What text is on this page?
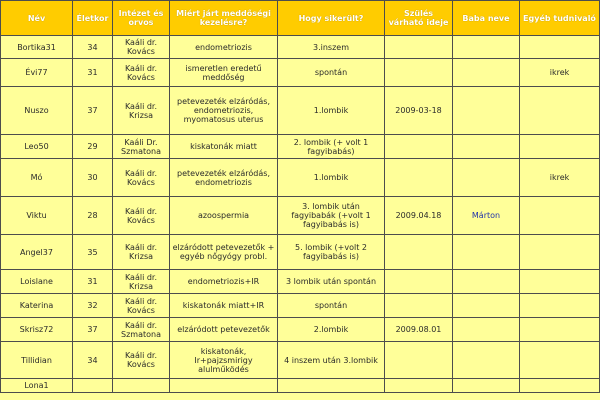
Név	Életkor	Intézet és orvos	Miért járt meddőségi kezelésre?	Hogy sikerült?	Szülés várható ideje	Baba neve	Egyéb tudnivaló
Bortika31	34	Kaáli dr. Kovács	endometriozis	3.inszem			
Évi77	31	Kaáli dr. Kovács	ismeretlen eredetű meddőség	spontán			ikrek
Nuszo	37	Kaáli dr. Krizsa	petevezeték elzáródás, endometriozis, myomatosus uterus	1.lombik	2009-03-18		
Leo50	29	Kaáli Dr. Szmatona	kiskatonák miatt	2. lombik (+ volt 1 fagyibabás)			
Mó	30	Kaáli dr. Kovács	petevezeték elzáródás, endometriozis	1.lombik			ikrek
Viktu	28	Kaáli dr. Kovács	azoospermia	3. lombik után fagyibabák (+volt 1 fagyibabás is)	2009.04.18	Márton	
Angel37	35	Kaáli dr. Krizsa	elzáródott petevezetők + egyéb nőgyógy probl.	5. lombik (+volt 2 fagyibabás is)			
Loislane	31	Kaáli dr. Krizsa	endometriozis+IR	3 lombik után spontán			
Katerina	32	Kaáli dr. Kovács	kiskatonák miatt+IR	spontán			
Skrisz72	37	Kaáli dr. Szmatona	elzáródott petevezetők	2.lombik	2009.08.01		
Tillidian	34	Kaáli dr. Kovács	kiskatonák, Ir+pajzsmirigy alulműködés	4 inszem után 3.lombik			
Lona1							
